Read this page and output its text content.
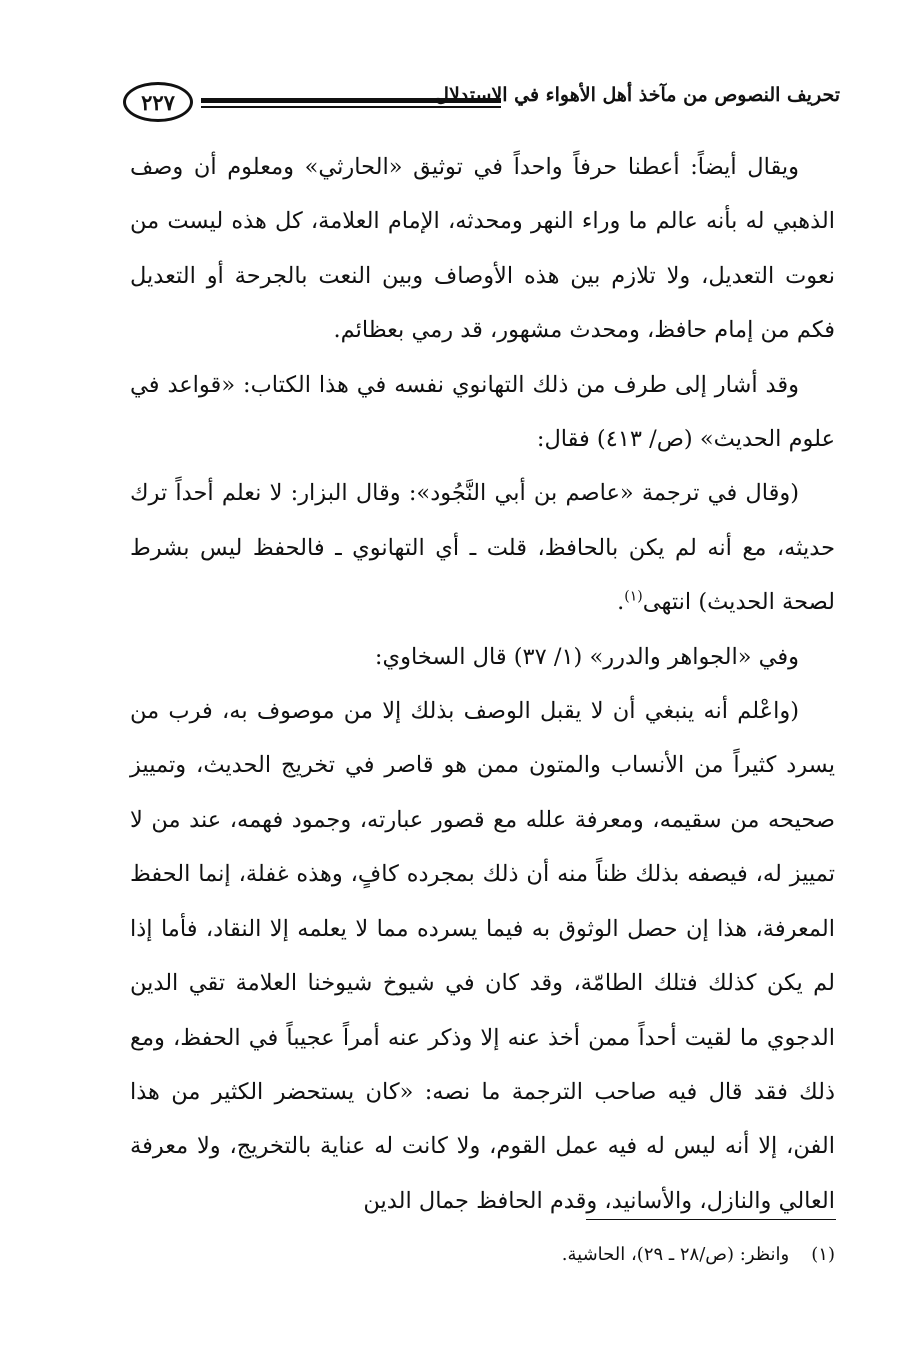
٢٢٧	تحريف النصوص من مآخذ أهل الأهواء في الاستدلال

ويقال أيضاً: أعطنا حرفاً واحداً في توثيق «الحارثي» ومعلوم أن وصف الذهبي له بأنه عالم ما وراء النهر ومحدثه، الإمام العلامة، كل هذه ليست من نعوت التعديل، ولا تلازم بين هذه الأوصاف وبين النعت بالجرحة أو التعديل فكم من إمام حافظ، ومحدث مشهور، قد رمي بعظائم.

وقد أشار إلى طرف من ذلك التهانوي نفسه في هذا الكتاب: «قواعد في علوم الحديث» (ص/ ٤١٣) فقال:

(وقال في ترجمة «عاصم بن أبي النَّجُود»: وقال البزار: لا نعلم أحداً ترك حديثه، مع أنه لم يكن بالحافظ، قلت ـ أي التهانوي ـ فالحفظ ليس بشرط لصحة الحديث) انتهى$^{(١)}$.

وفي «الجواهر والدرر» (١/ ٣٧) قال السخاوي:

(واعْلم أنه ينبغي أن لا يقبل الوصف بذلك إلا من موصوف به، فرب من يسرد كثيراً من الأنساب والمتون ممن هو قاصر في تخريج الحديث، وتمييز صحيحه من سقيمه، ومعرفة علله مع قصور عبارته، وجمود فهمه، عند من لا تمييز له، فيصفه بذلك ظناً منه أن ذلك بمجرده كافٍ، وهذه غفلة، إنما الحفظ المعرفة، هذا إن حصل الوثوق به فيما يسرده مما لا يعلمه إلا النقاد، فأما إذا لم يكن كذلك فتلك الطامّة، وقد كان في شيوخ شيوخنا العلامة تقي الدين الدجوي ما لقيت أحداً ممن أخذ عنه إلا وذكر عنه أمراً عجيباً في الحفظ، ومع ذلك فقد قال فيه صاحب الترجمة ما نصه: «كان يستحضر الكثير من هذا الفن، إلا أنه ليس له فيه عمل القوم، ولا كانت له عناية بالتخريج، ولا معرفة العالي والنازل، والأسانيد، وقدم الحافظ جمال الدين

(١)وانظر: (ص/٢٨ ـ ٢٩)، الحاشية.
